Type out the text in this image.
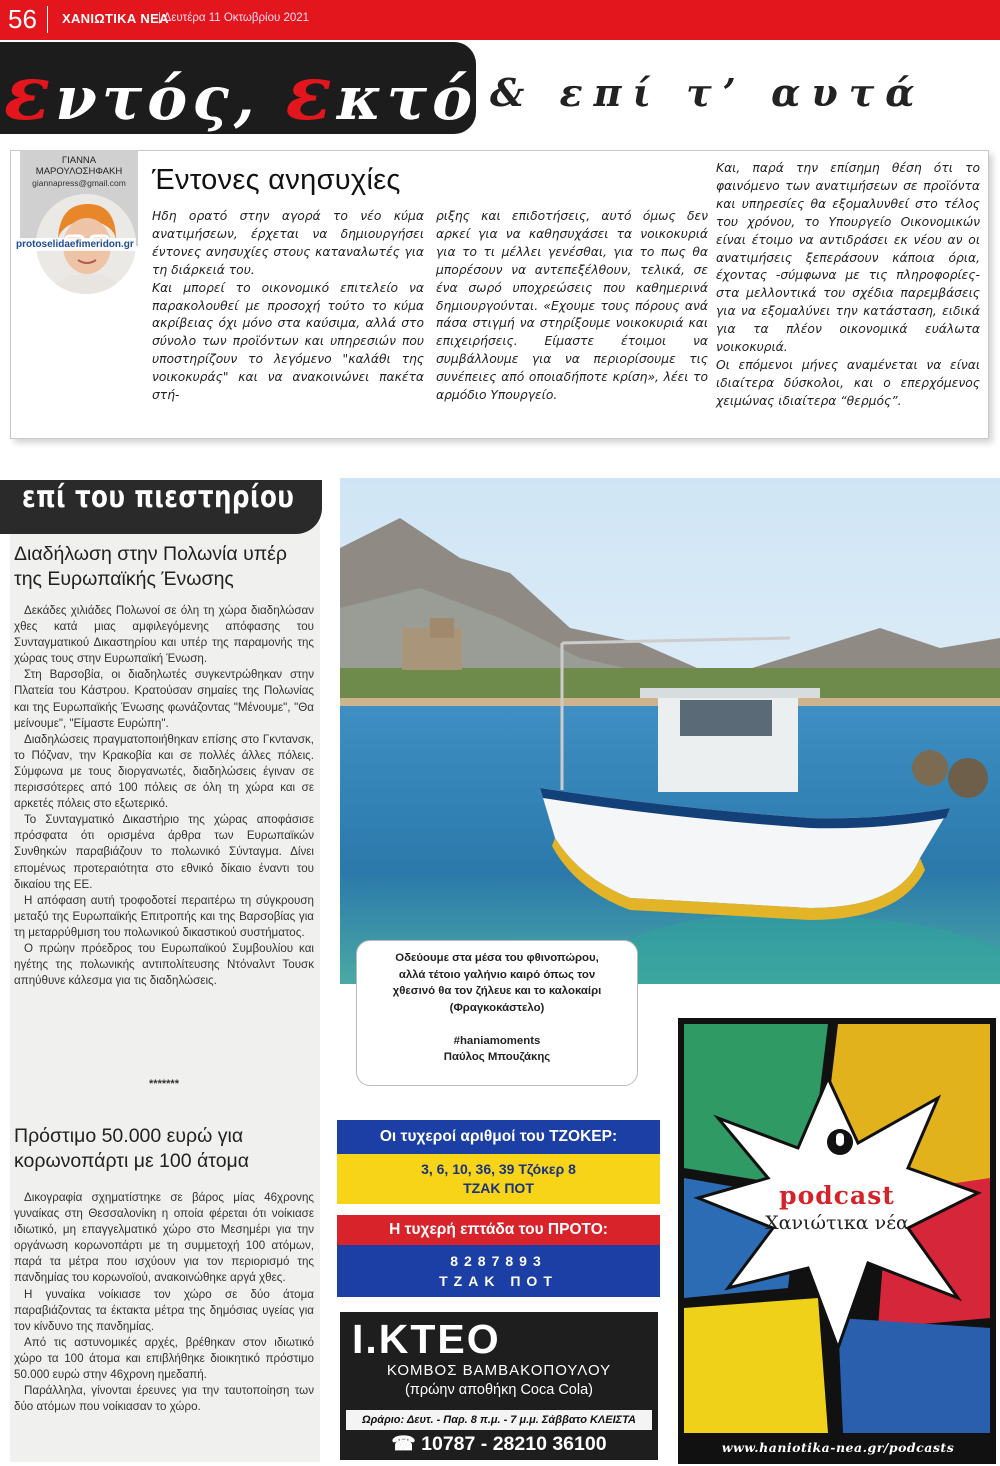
56 ΧΑΝΙΩΤΙΚΑ ΝΕΑ
| Δευτέρα 11 Οκτωβρίου 2021
εντός, εκτός...
& επί τ’ αυτά
ΓΙΑΝΝΑ ΜΑΡΟΥΛΟΣΗΦΑΚΗ
giannapress@gmail.com
protoselidaefimeridon.gr
Έντονες ανησυχίες

Ηδη ορατό στην αγορά το νέο κύμα ανατιμήσεων, έρχεται να δημιουργήσει έντονες ανησυχίες στους καταναλωτές για τη διάρκειά του.

Και μπορεί το οικονομικό επιτελείο να παρακολουθεί με προσοχή τούτο το κύμα ακρίβειας όχι μόνο στα καύσιμα, αλλά στο σύνολο των προϊόντων και υπηρεσιών που υποστηρίζουν το λεγόμενο "καλάθι της νοικοκυράς" και να ανακοινώνει πακέτα στή-

ριξης και επιδοτήσεις, αυτό όμως δεν αρκεί για να καθησυχάσει τα νοικοκυριά για το τι μέλλει γενέσθαι, για το πως θα μπορέσουν να αντεπεξέλθουν, τελικά, σε ένα σωρό υποχρεώσεις που καθημερινά δημιουργούνται. «Εχουμε τους πόρους ανά πάσα στιγμή να στηρίξουμε νοικοκυριά και επιχειρήσεις. Είμαστε έτοιμοι να συμβάλλουμε για να περιορίσουμε τις συνέπειες από οποιαδήποτε κρίση», λέει το αρμόδιο Υπουργείο.

Και, παρά την επίσημη θέση ότι το φαινόμενο των ανατιμήσεων σε προϊόντα και υπηρεσίες θα εξομαλυνθεί στο τέλος του χρόνου, το Υπουργείο Οικονομικών είναι έτοιμο να αντιδράσει εκ νέου αν οι ανατιμήσεις ξεπεράσουν κάποια όρια, έχοντας -σύμφωνα με τις πληροφορίες- στα μελλοντικά του σχέδια παρεμβάσεις για να εξομαλύνει την κατάσταση, ειδικά για τα πλέον οικονομικά ευάλωτα νοικοκυριά.

Οι επόμενοι μήνες αναμένεται να είναι ιδιαίτερα δύσκολοι, και ο επερχόμενος χειμώνας ιδιαίτερα “θερμός”.

επί του πιεστηρίου
Διαδήλωση στην Πολωνία υπέρ της Ευρωπαϊκής Ένωσης

Δεκάδες χιλιάδες Πολωνοί σε όλη τη χώρα διαδηλώσαν χθες κατά μιας αμφιλεγόμενης απόφασης του Συνταγματικού Δικαστηρίου και υπέρ της παραμονής της χώρας τους στην Ευρωπαϊκή Ένωση.

Στη Βαρσοβία, οι διαδηλωτές συγκεντρώθηκαν στην Πλατεία του Κάστρου. Κρατούσαν σημαίες της Πολωνίας και της Ευρωπαϊκής Ένωσης φωνάζοντας "Μένουμε", "Θα μείνουμε", "Είμαστε Ευρώπη".

Διαδηλώσεις πραγματοποιήθηκαν επίσης στο Γκντανσκ, το Πόζναν, την Κρακοβία και σε πολλές άλλες πόλεις. Σύμφωνα με τους διοργανωτές, διαδηλώσεις έγιναν σε περισσότερες από 100 πόλεις σε όλη τη χώρα και σε αρκετές πόλεις στο εξωτερικό.

Το Συνταγματικό Δικαστήριο της χώρας αποφάσισε πρόσφατα ότι ορισμένα άρθρα των Ευρωπαϊκών Συνθηκών παραβιάζουν το πολωνικό Σύνταγμα. Δίνει επομένως προτεραιότητα στο εθνικό δίκαιο έναντι του δικαίου της ΕΕ.

Η απόφαση αυτή τροφοδοτεί περαιτέρω τη σύγκρουση μεταξύ της Ευρωπαϊκής Επιτροπής και της Βαρσοβίας για τη μεταρρύθμιση του πολωνικού δικαστικού συστήματος.

Ο πρώην πρόεδρος του Ευρωπαϊκού Συμβουλίου και ηγέτης της πολωνικής αντιπολίτευσης Ντόναλντ Τουσκ απηύθυνε κάλεσμα για τις διαδηλώσεις.

*******
Πρόστιμο 50.000 ευρώ για κορωνοπάρτι με 100 άτομα

Δικογραφία σχηματίστηκε σε βάρος μίας 46χρονης γυναίκας στη Θεσσαλονίκη η οποία φέρεται ότι νοίκιασε ιδιωτικό, μη επαγγελματικό χώρο στο Μεσημέρι για την οργάνωση κορωνοπάρτι με τη συμμετοχή 100 ατόμων, παρά τα μέτρα που ισχύουν για τον περιορισμό της πανδημίας του κορωνοϊού, ανακοινώθηκε αργά χθες.

Η γυναίκα νοίκιασε τον χώρο σε δύο άτομα παραβιάζοντας τα έκτακτα μέτρα της δημόσιας υγείας για τον κίνδυνο της πανδημίας.

Από τις αστυνομικές αρχές, βρέθηκαν στον ιδιωτικό χώρο τα 100 άτομα και επιβλήθηκε διοικητικό πρόστιμο 50.000 ευρώ στην 46χρονη ημεδαπή.

Παράλληλα, γίνονται έρευνες για την ταυτοποίηση των δύο ατόμων που νοίκιασαν το χώρο.

Οδεύουμε στα μέσα του φθινοπώρου,
αλλά τέτοιο γαλήνιο καιρό όπως τον
χθεσινό θα τον ζήλευε και το καλοκαίρι
(Φραγκοκάστελο)

#haniamoments
Παύλος Μπουζάκης
Οι τυχεροί αριθμοί του ΤΖΟΚΕΡ:
3, 6, 10, 36, 39 Τζόκερ 8
ΤΖΑΚ ΠΟΤ
Η τυχερή επτάδα του ΠΡΟΤΟ:
8287893
ΤΖΑΚ ΠΟΤ
Ι.ΚΤΕΟ
ΚΟΜΒΟΣ ΒΑΜΒΑΚΟΠΟΥΛΟΥ
(πρώην αποθήκη Coca Cola)
Ωράριο: Δευτ. - Παρ. 8 π.μ. - 7 μ.μ. Σάββατο ΚΛΕΙΣΤΑ
☎ 10787 - 28210 36100
podcast
Χανιώτικα νέα
www.haniotika-nea.gr/podcasts
